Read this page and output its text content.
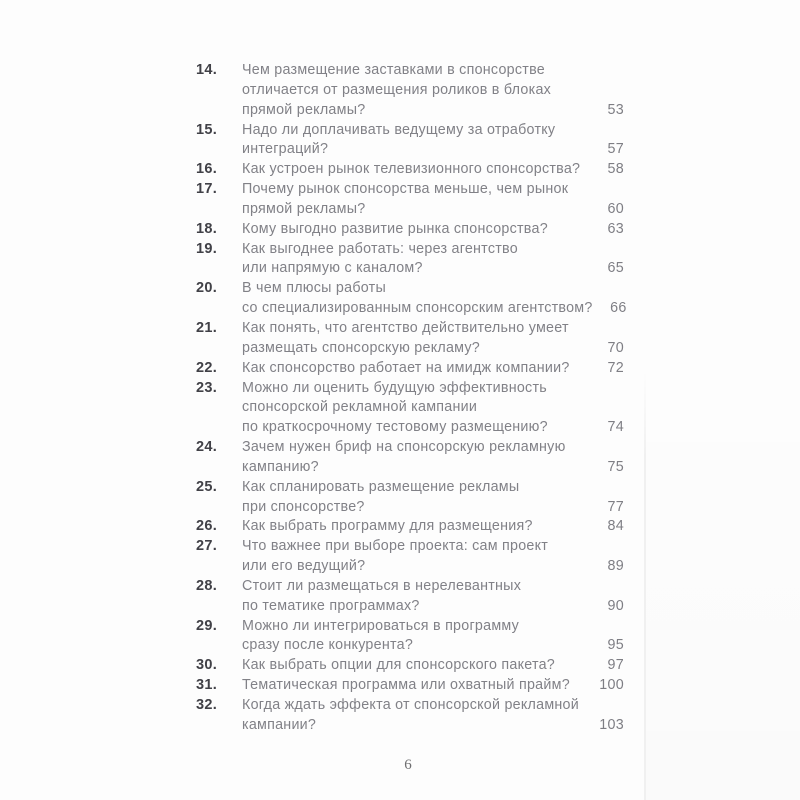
14.	Чем размещение заставками в спонсорстве
отличается от размещения роликов в блоках
прямой рекламы?	53
15.	Надо ли доплачивать ведущему за отработку
интеграций?	57
16.	Как устроен рынок телевизионного спонсорства?	58
17.	Почему рынок спонсорства меньше, чем рынок
прямой рекламы?	60
18.	Кому выгодно развитие рынка спонсорства?	63
19.	Как выгоднее работать: через агентство
или напрямую с каналом?	65
20.	В чем плюсы работы
со специализированным спонсорским агентством?	66
21.	Как понять, что агентство действительно умеет
размещать спонсорскую рекламу?	70
22.	Как спонсорство работает на имидж компании?	72
23.	Можно ли оценить будущую эффективность
спонсорской рекламной кампании
по краткосрочному тестовому размещению?	74
24.	Зачем нужен бриф на спонсорскую рекламную
кампанию?	75
25.	Как спланировать размещение рекламы
при спонсорстве?	77
26.	Как выбрать программу для размещения?	84
27.	Что важнее при выборе проекта: сам проект
или его ведущий?	89
28.	Стоит ли размещаться в нерелевантных
по тематике программах?	90
29.	Можно ли интегрироваться в программу
сразу после конкурента?	95
30.	Как выбрать опции для спонсорского пакета?	97
31.	Тематическая программа или охватный прайм?	100
32.	Когда ждать эффекта от спонсорской рекламной
кампании?	103
6
